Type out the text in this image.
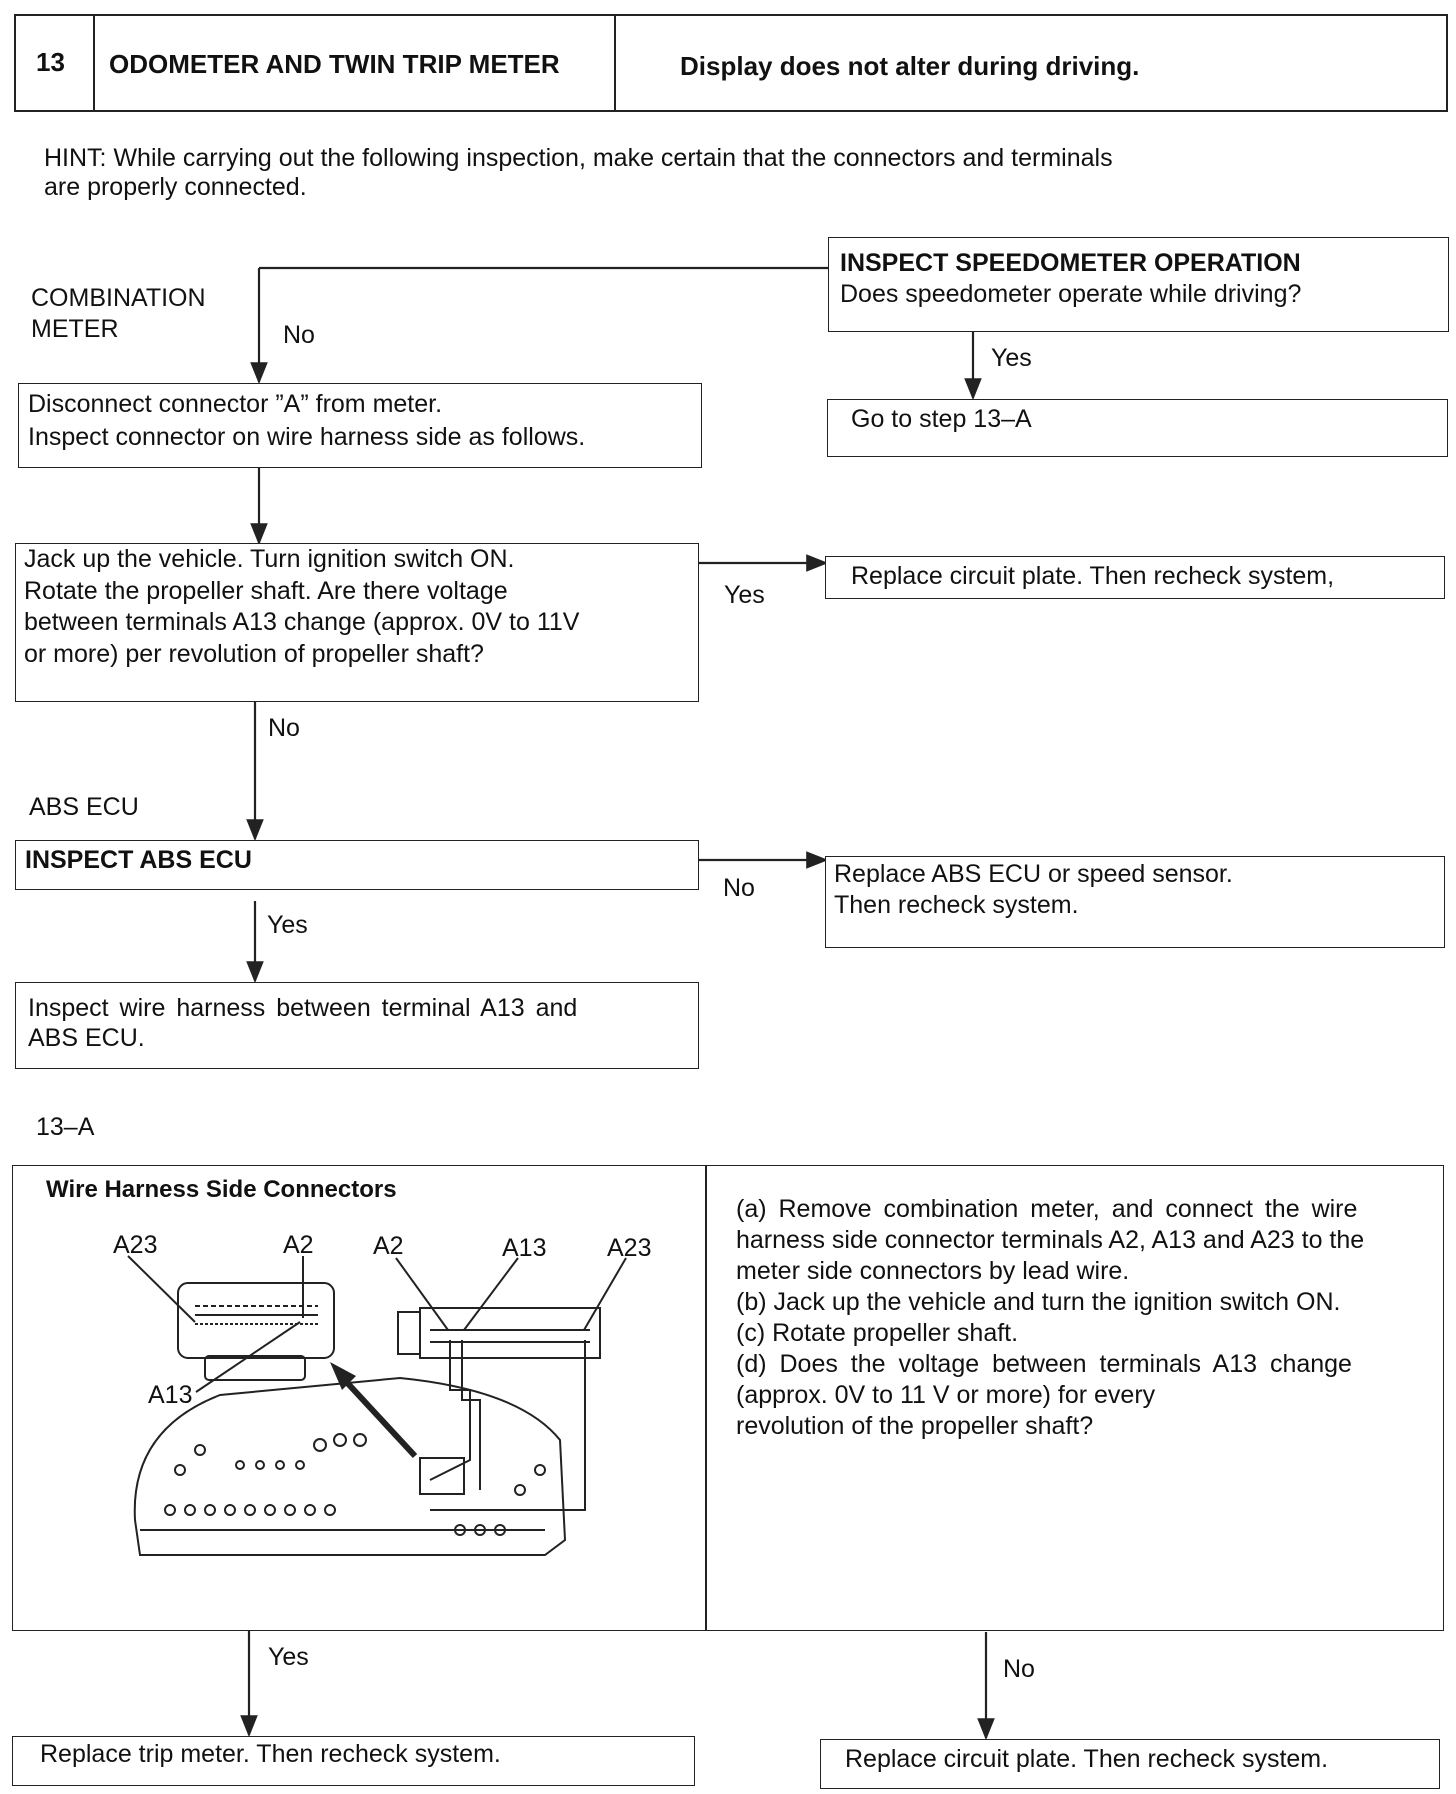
13 ODOMETER AND TWIN TRIP METER	Display does not alter during driving.
HINT: While carrying out the following inspection, make certain that the connectors and terminals
are properly connected.
COMBINATION
METER
ABS ECU
INSPECT SPEEDOMETER OPERATION
Does speedometer operate while driving?
No
Yes
Go to step 13–A
Disconnect connector ”A” from meter.
Inspect connector on wire harness side as follows.
Jack up the vehicle. Turn ignition switch ON.
Rotate the propeller shaft. Are there voltage
between terminals A13 change (approx. 0V to 11V
or more) per revolution of propeller shaft?
Yes
No
Replace circuit plate. Then recheck system,
INSPECT ABS ECU
No
Yes
Replace ABS ECU or speed sensor.
Then recheck system.
Inspect wire harness between terminal A13 and
ABS ECU.
13–A
Wire Harness Side Connectors
A23	A2 A2	A13 A23
A13
(a) Remove combination meter, and connect the wire
harness side connector terminals A2, A13 and A23 to the
meter side connectors by lead wire.
(b) Jack up the vehicle and turn the ignition switch ON.
(c) Rotate propeller shaft.
(d) Does the voltage between terminals A13 change
(approx. 0V to 11 V or more) for every
revolution of the propeller shaft?
Yes	No
Replace trip meter. Then recheck system.	Replace circuit plate. Then recheck system.
